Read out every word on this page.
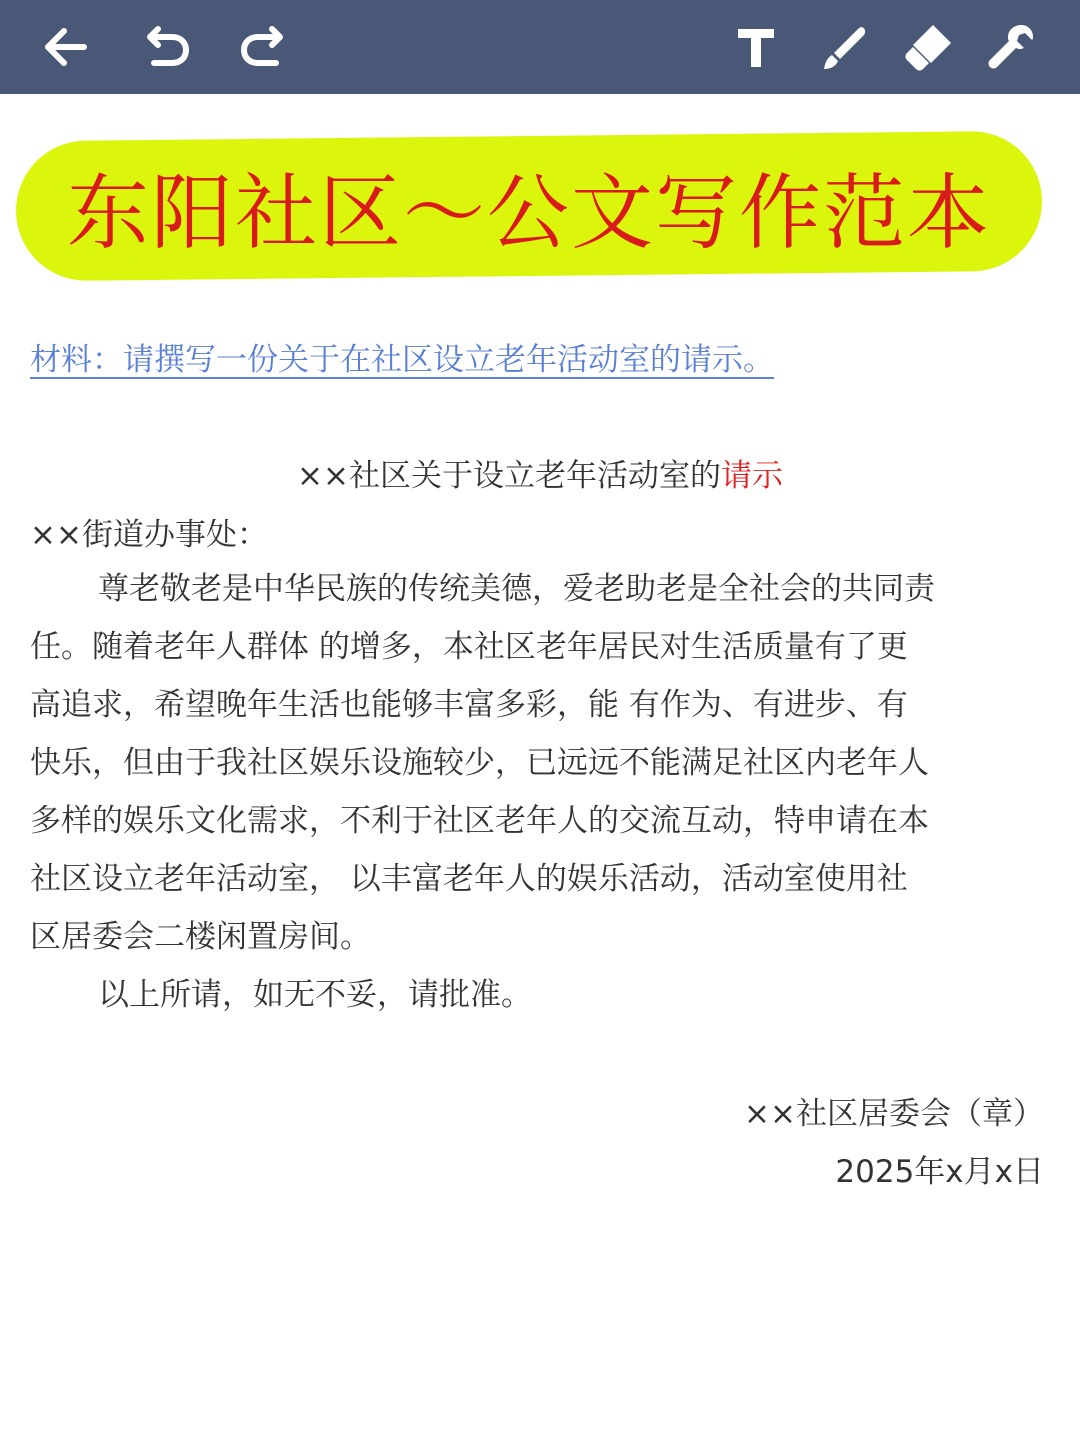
东阳社区～公文写作范本
材料：请撰写一份关于在社区设立老年活动室的请示。
××社区关于设立老年活动室的请示
××街道办事处：
尊老敬老是中华民族的传统美德，爱老助老是全社会的共同责
任。随着老年人群体 的增多，本社区老年居民对生活质量有了更
高追求，希望晚年生活也能够丰富多彩，能 有作为、有进步、有
快乐，但由于我社区娱乐设施较少，已远远不能满足社区内老年人
多样的娱乐文化需求，不利于社区老年人的交流互动，特申请在本
社区设立老年活动室， 以丰富老年人的娱乐活动，活动室使用社
区居委会二楼闲置房间。
以上所请，如无不妥，请批准。
××社区居委会（章）
2025年x月x日
